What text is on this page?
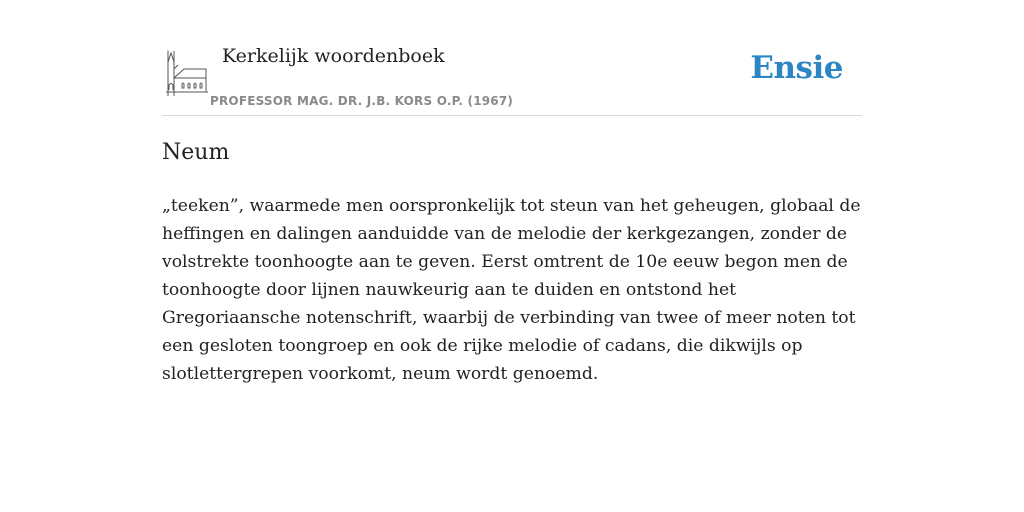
Kerkelijk woordenboek
PROFESSOR MAG. DR. J.B. KORS O.P. (1967)
Ensie
Neum

„teeken”, waarmede men oorspronkelijk tot steun van het geheugen, globaal de heffingen en dalingen aanduidde van de melodie der kerkgezangen, zonder de volstrekte toonhoogte aan te geven. Eerst omtrent de 10e eeuw begon men de toonhoogte door lijnen nauwkeurig aan te duiden en ontstond het Gregoriaansche notenschrift, waarbij de verbinding van twee of meer noten tot een gesloten toongroep en ook de rijke melodie of cadans, die dikwijls op slotlettergrepen voorkomt, neum wordt genoemd.
